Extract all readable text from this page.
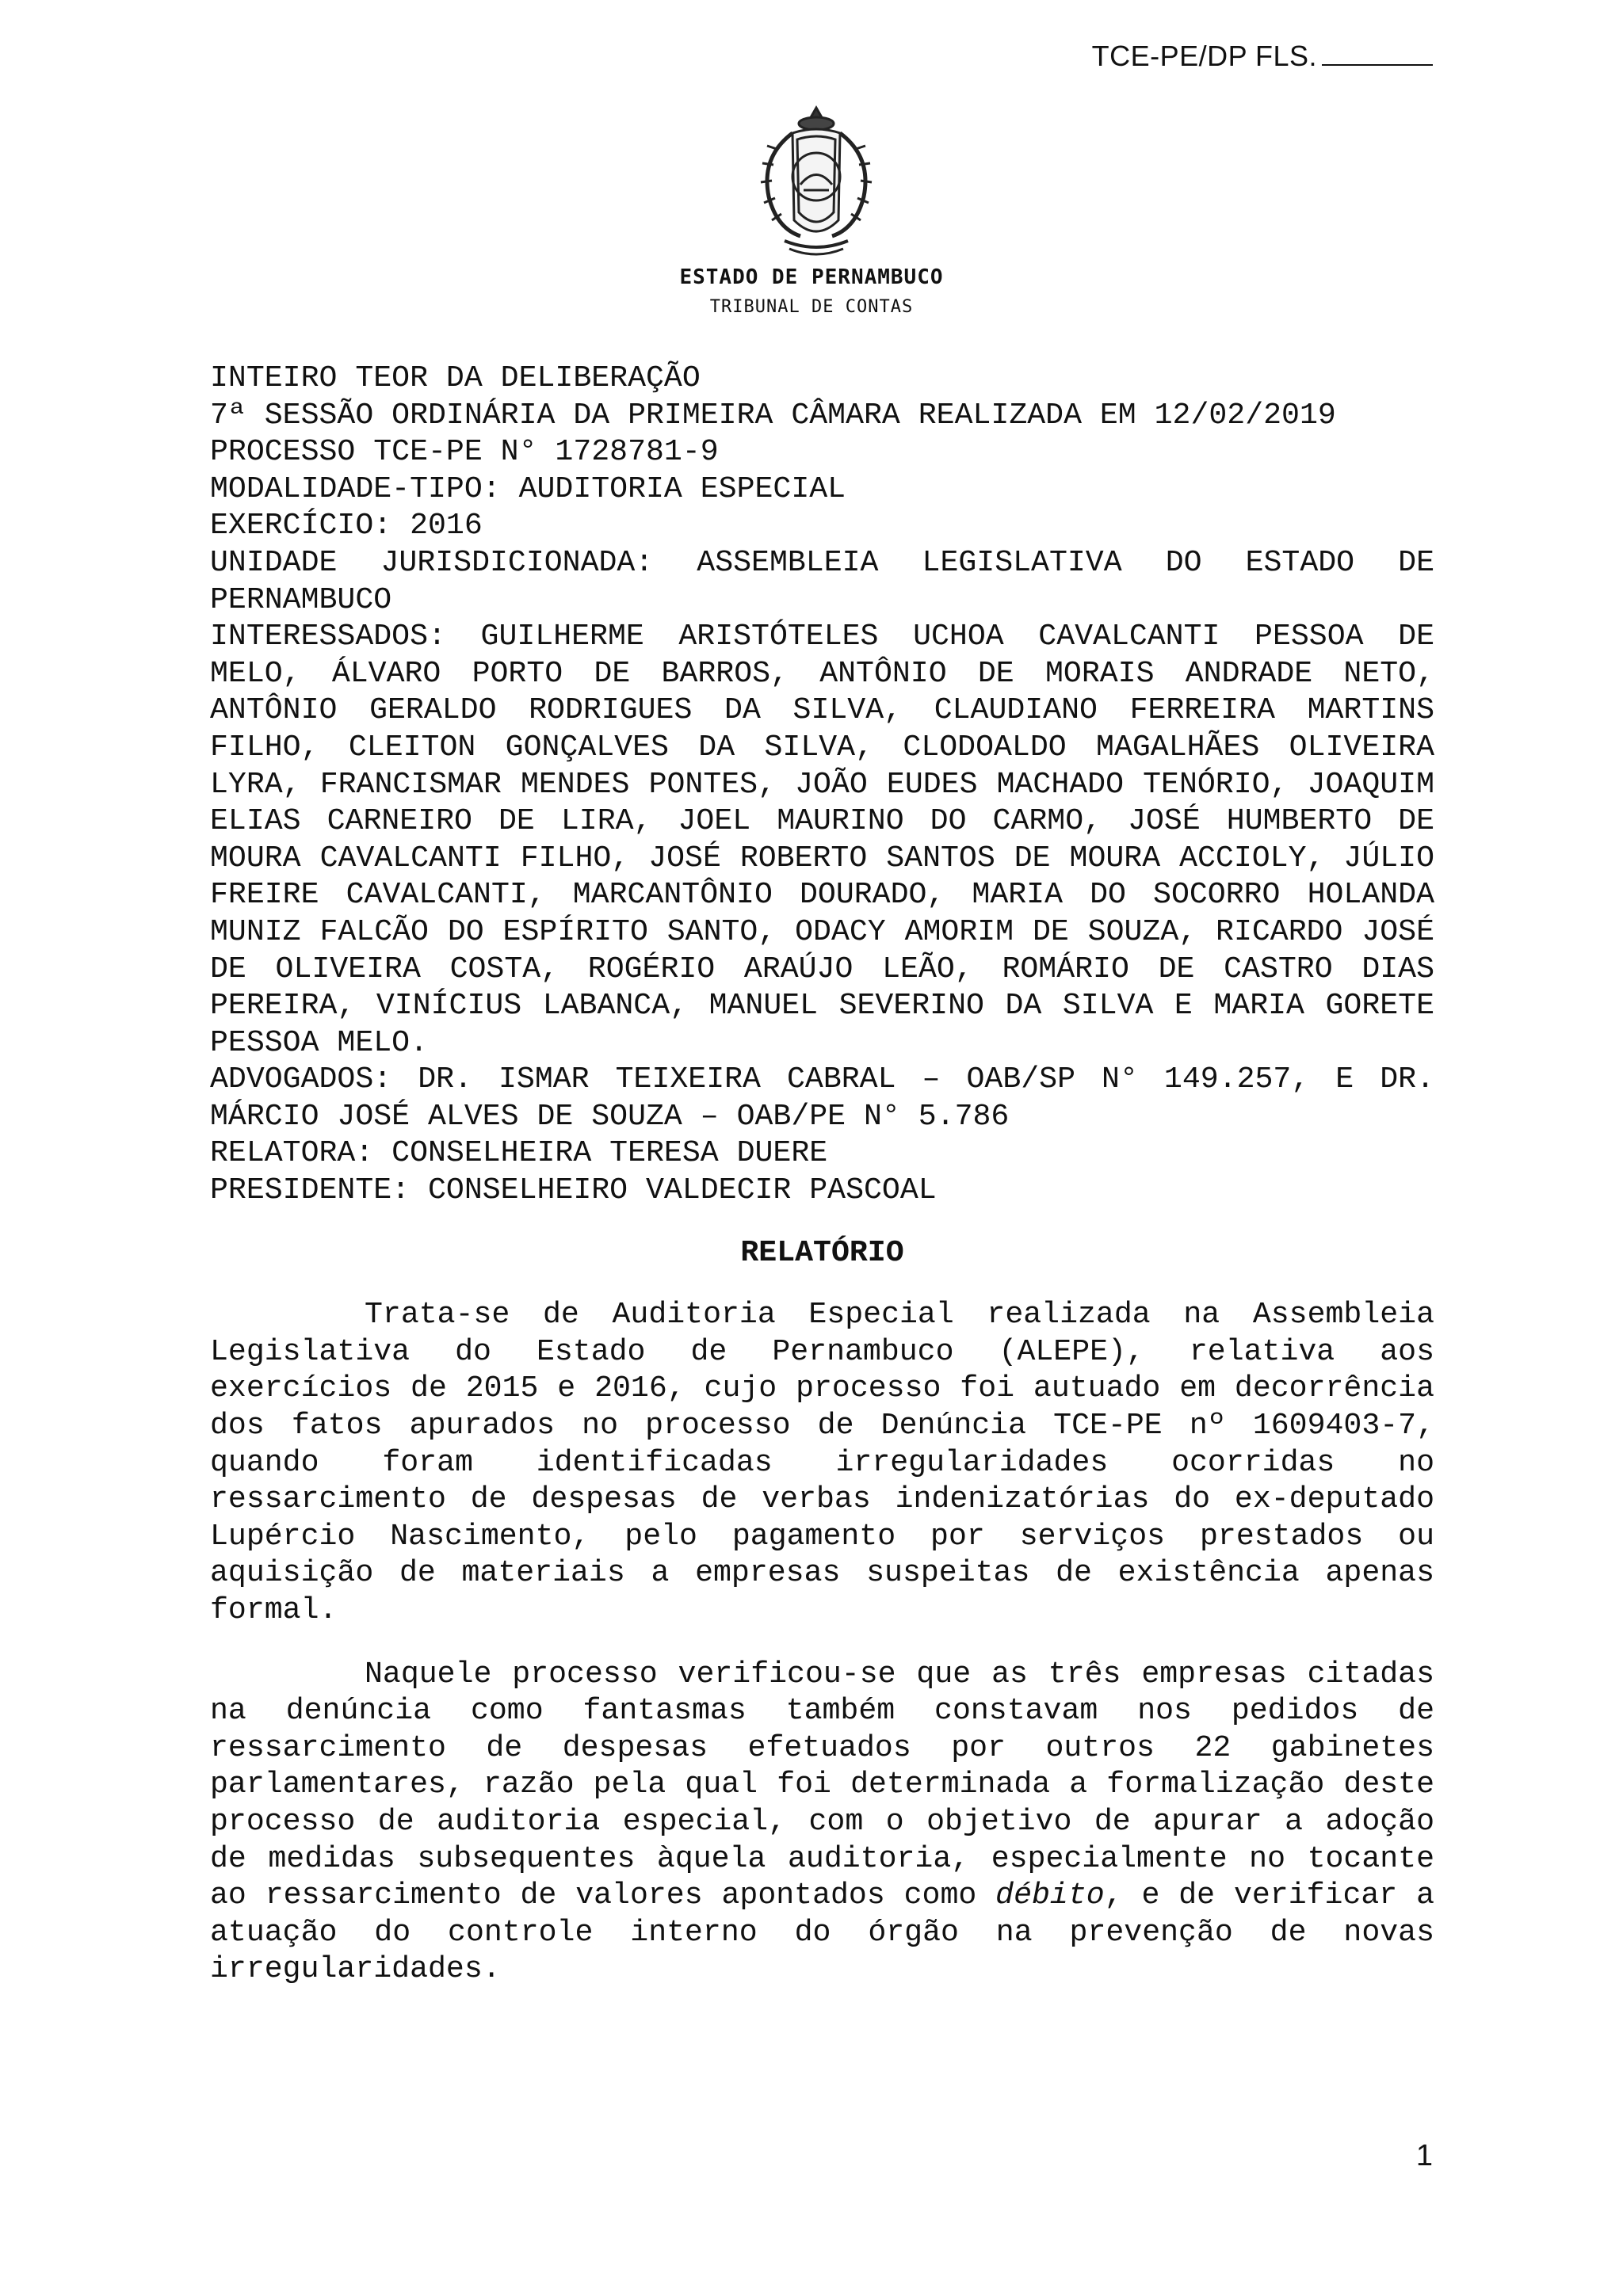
TCE-PE/DP FLS.
ESTADO DE PERNAMBUCO
TRIBUNAL DE CONTAS

INTEIRO TEOR DA DELIBERAÇÃO

7ª SESSÃO ORDINÁRIA DA PRIMEIRA CÂMARA REALIZADA EM 12/02/2019

PROCESSO TCE-PE N° 1728781-9

MODALIDADE-TIPO: AUDITORIA ESPECIAL

EXERCÍCIO: 2016

UNIDADE JURISDICIONADA: ASSEMBLEIA LEGISLATIVA DO ESTADO DE PERNAMBUCO

INTERESSADOS: GUILHERME ARISTÓTELES UCHOA CAVALCANTI PESSOA DE MELO, ÁLVARO PORTO DE BARROS, ANTÔNIO DE MORAIS ANDRADE NETO, ANTÔNIO GERALDO RODRIGUES DA SILVA, CLAUDIANO FERREIRA MARTINS FILHO, CLEITON GONÇALVES DA SILVA, CLODOALDO MAGALHÃES OLIVEIRA LYRA, FRANCISMAR MENDES PONTES, JOÃO EUDES MACHADO TENÓRIO, JOAQUIM ELIAS CARNEIRO DE LIRA, JOEL MAURINO DO CARMO, JOSÉ HUMBERTO DE MOURA CAVALCANTI FILHO, JOSÉ ROBERTO SANTOS DE MOURA ACCIOLY, JÚLIO FREIRE CAVALCANTI, MARCANTÔNIO DOURADO, MARIA DO SOCORRO HOLANDA MUNIZ FALCÃO DO ESPÍRITO SANTO, ODACY AMORIM DE SOUZA, RICARDO JOSÉ DE OLIVEIRA COSTA, ROGÉRIO ARAÚJO LEÃO, ROMÁRIO DE CASTRO DIAS PEREIRA, VINÍCIUS LABANCA, MANUEL SEVERINO DA SILVA E MARIA GORETE PESSOA MELO.

ADVOGADOS: DR. ISMAR TEIXEIRA CABRAL – OAB/SP N° 149.257, E DR. MÁRCIO JOSÉ ALVES DE SOUZA – OAB/PE N° 5.786

RELATORA: CONSELHEIRA TERESA DUERE

PRESIDENTE: CONSELHEIRO VALDECIR PASCOAL

RELATÓRIO

Trata-se de Auditoria Especial realizada na Assembleia Legislativa do Estado de Pernambuco (ALEPE), relativa aos exercícios de 2015 e 2016, cujo processo foi autuado em decorrência dos fatos apurados no processo de Denúncia TCE-PE nº 1609403-7, quando foram identificadas irregularidades ocorridas no ressarcimento de despesas de verbas indenizatórias do ex-deputado Lupércio Nascimento, pelo pagamento por serviços prestados ou aquisição de materiais a empresas suspeitas de existência apenas formal.

Naquele processo verificou-se que as três empresas citadas na denúncia como fantasmas também constavam nos pedidos de ressarcimento de despesas efetuados por outros 22 gabinetes parlamentares, razão pela qual foi determinada a formalização deste processo de auditoria especial, com o objetivo de apurar a adoção de medidas subsequentes àquela auditoria, especialmente no tocante ao ressarcimento de valores apontados como débito, e de verificar a atuação do controle interno do órgão na prevenção de novas irregularidades.

1
